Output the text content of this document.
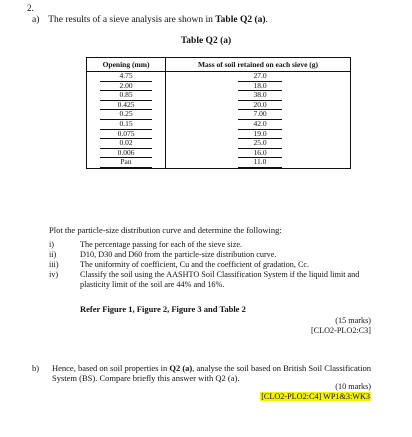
2.
a) The results of a sieve analysis are shown in Table Q2 (a).
Table Q2 (a)
Opening (mm)	Mass of soil retained on each sieve (g)
4.75	27.0
2.00	18.0
0.85	38.0
0.425	20.0
0.25	7.00
0.15	42.0
0.075	19.0
0.02	25.0
0.006	16.0
Pan	11.0
Plot the particle-size distribution curve and determine the following:
i)	The percentage passing for each of the sieve size.
ii)	D10, D30 and D60 from the particle-size distribution curve.
iii)	The uniformity of coefficient, Cu and the coefficient of gradation, Cc.
iv)	Classify the soil using the AASHTO Soil Classification System if the liquid limit and plasticity limit of the soil are 44% and 16%.
Refer Figure 1, Figure 2, Figure 3 and Table 2
(15 marks)
[CLO2-PLO2:C3]
b)	Hence, based on soil properties in Q2 (a), analyse the soil based on British Soil Classification System (BS). Compare briefly this answer with Q2 (a).
(10 marks)
[CLO2-PLO2:C4] WP1&3:WK3
